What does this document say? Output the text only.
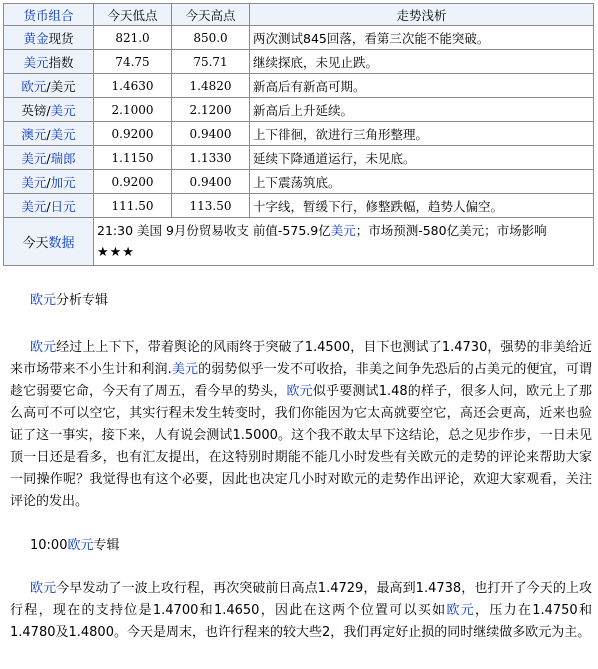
货币组合	今天低点	今天高点	走势浅析
黄金现货	821.0	850.0	两次测试845回落，看第三次能不能突破。
美元指数	74.75	75.71	继续探底，未见止跌。
欧元/美元	1.4630	1.4820	新高后有新高可期。
英镑/美元	2.1000	2.1200	新高后上升延续。
澳元/美元	0.9200	0.9400	上下徘徊，欲进行三角形整理。
美元/瑞郎	1.1150	1.1330	延续下降通道运行，未见底。
美元/加元	0.9200	0.9400	上下震荡筑底。
美元/日元	111.50	113.50	十字线，暂缓下行，修整跌幅，趋势人偏空。
今天数据	21:30 美国 9月份贸易收支 前值-575.9亿美元；市场预测-580亿美元；市场影响
★★★		
欧元分析专辑
欧元经过上上下下，带着舆论的风雨终于突破了1.4500，目下也测试了1.4730，强势的非美给近来市场带来不小生计和利润.美元的弱势似乎一发不可收拾，非美之间争先恐后的占美元的便宜，可谓趁它弱要它命，今天有了周五，看今早的势头，欧元似乎要测试1.48的样子，很多人问，欧元上了那么高可不可以空它，其实行程未发生转变时，我们你能因为它太高就要空它，高还会更高，近来也验证了这一事实，接下来，人有说会测试1.5000。这个我不敢太早下这结论，总之见步作步，一日未见顶一日还是看多，也有汇友提出，在这特别时期能不能几小时发些有关欧元的走势的评论来帮助大家一同操作呢？我觉得也有这个必要，因此也决定几小时对欧元的走势作出评论，欢迎大家观看，关注评论的发出。
10:00欧元专辑
欧元今早发动了一波上攻行程，再次突破前日高点1.4729，最高到1.4738，也打开了今天的上攻行程，现在的支持位是1.4700和1.4650，因此在这两个位置可以买如欧元，压力在1.4750和1.4780及1.4800。今天是周末，也许行程来的较大些2，我们再定好止损的同时继续做多欧元为主。
